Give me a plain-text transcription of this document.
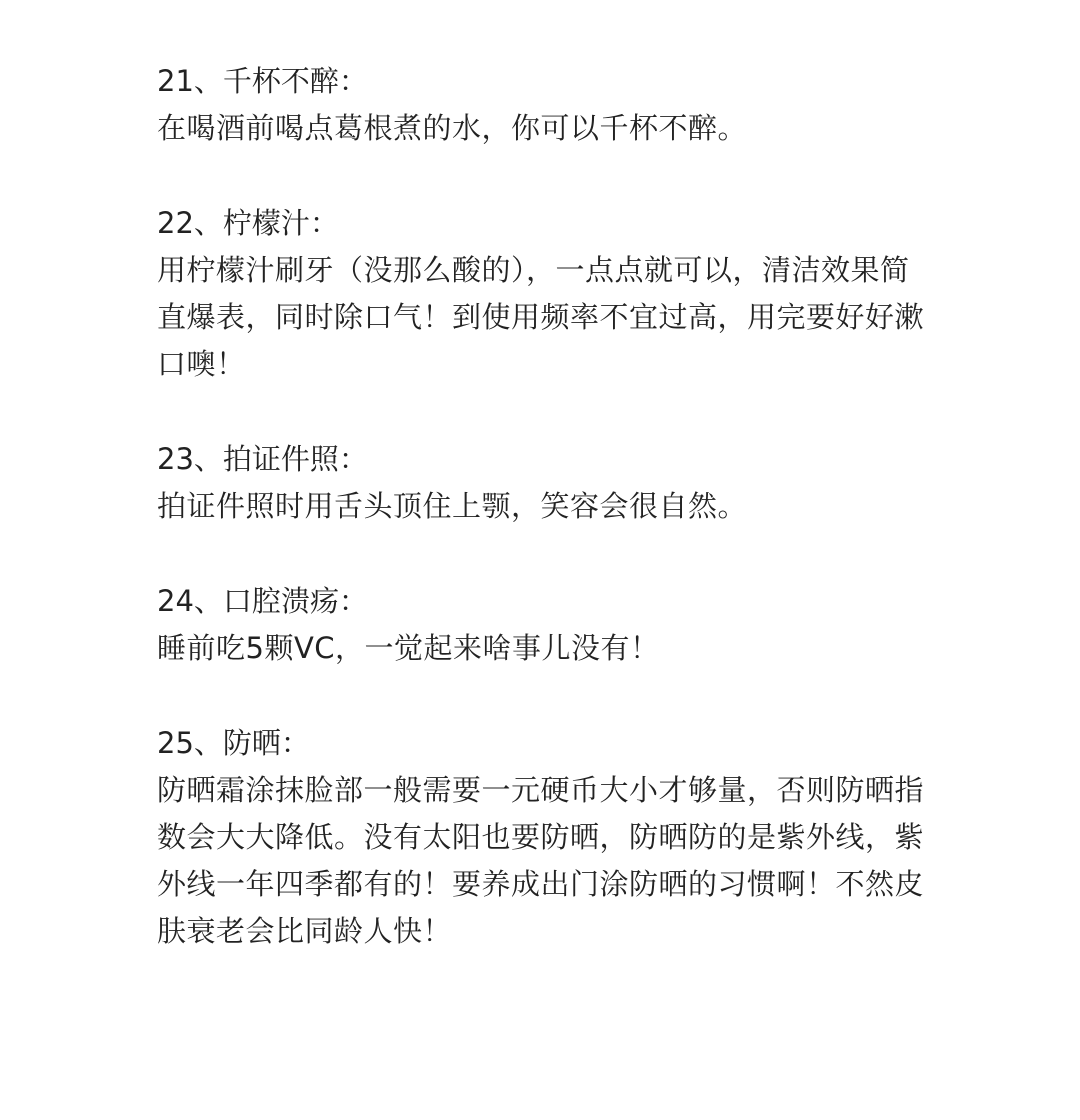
21、千杯不醉：

在喝酒前喝点葛根煮的水，你可以千杯不醉。

22、柠檬汁：

用柠檬汁刷牙（没那么酸的），一点点就可以，清洁效果简直爆表，同时除口气！到使用频率不宜过高，用完要好好漱口噢！

23、拍证件照：

拍证件照时用舌头顶住上颚，笑容会很自然。

24、口腔溃疡：

睡前吃5颗VC，一觉起来啥事儿没有！

25、防晒：

防晒霜涂抹脸部一般需要一元硬币大小才够量，否则防晒指数会大大降低。没有太阳也要防晒，防晒防的是紫外线，紫外线一年四季都有的！要养成出门涂防晒的习惯啊！不然皮肤衰老会比同龄人快！
